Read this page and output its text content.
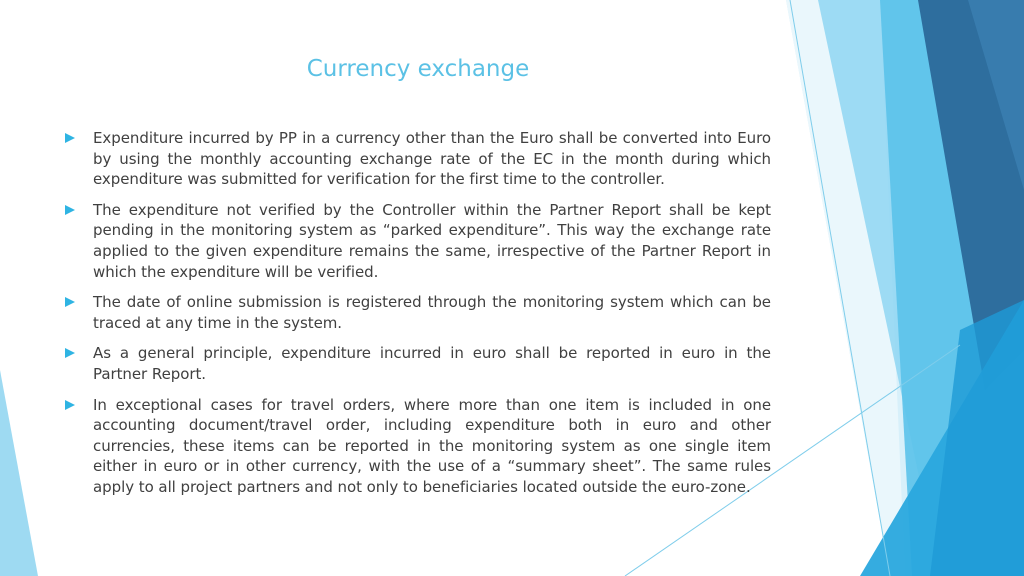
Currency exchange
Expenditure incurred by PP in a currency other than the Euro shall be converted into Euro by using the monthly accounting exchange rate of the EC in the month during which expenditure was submitted for verification for the first time to the controller.
The expenditure not verified by the Controller within the Partner Report shall be kept pending in the monitoring system as “parked expenditure”. This way the exchange rate applied to the given expenditure remains the same, irrespective of the Partner Report in which the expenditure will be verified.
The date of online submission is registered through the monitoring system which can be traced at any time in the system.
As a general principle, expenditure incurred in euro shall be reported in euro in the Partner Report.
In exceptional cases for travel orders, where more than one item is included in one accounting document/travel order, including expenditure both in euro and other currencies, these items can be reported in the monitoring system as one single item either in euro or in other currency, with the use of a “summary sheet”. The same rules apply to all project partners and not only to beneficiaries located outside the euro-zone.
